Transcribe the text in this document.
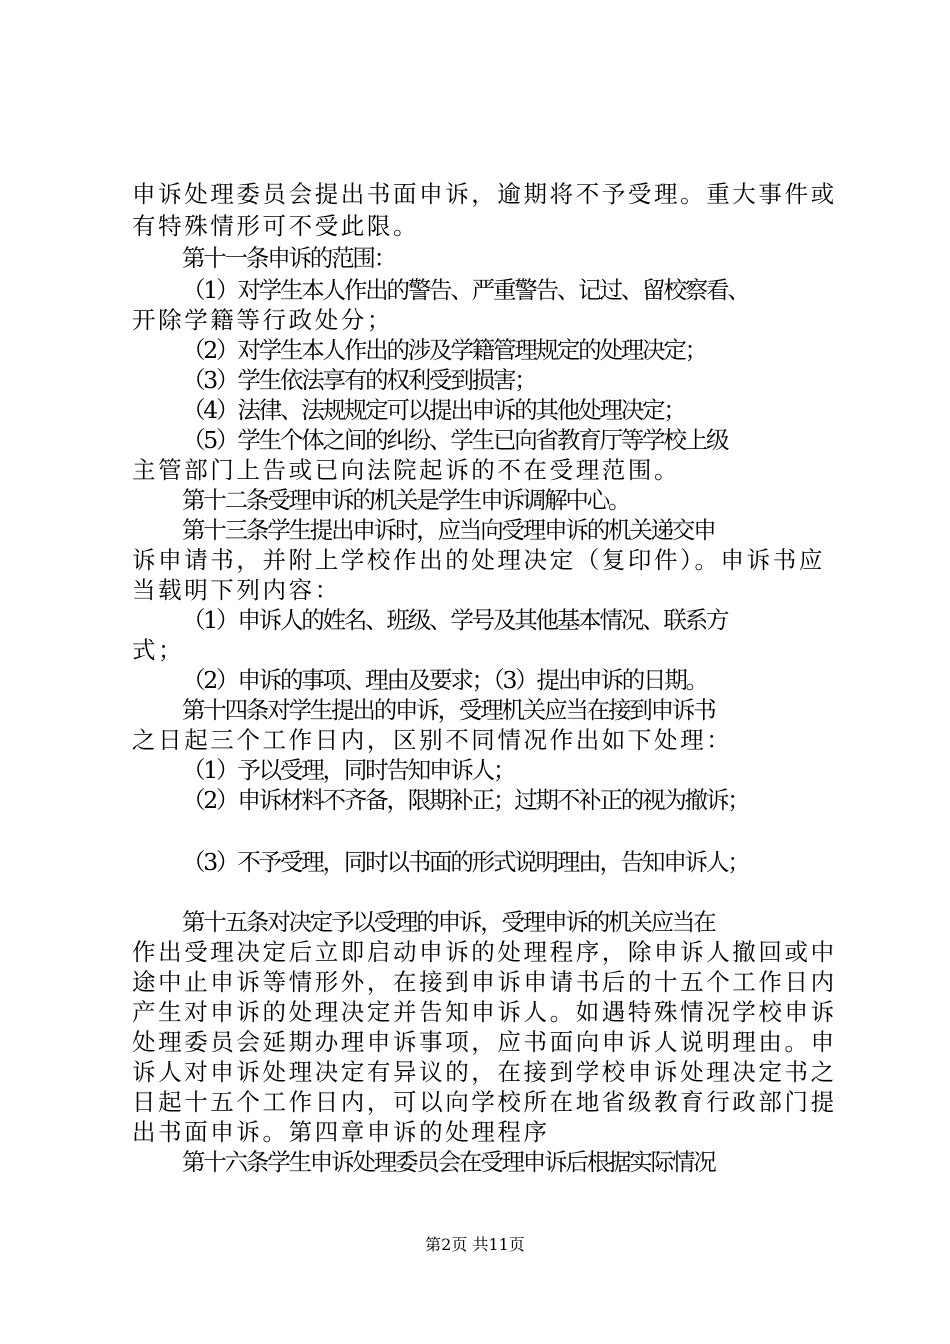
申诉处理委员会提出书面申诉，逾期将不予受理。重大事件或
有特殊情形可不受此限。
第十一条申诉的范围：
（1）对学生本人作出的警告、严重警告、记过、留校察看、
开除学籍等行政处分；
（2）对学生本人作出的涉及学籍管理规定的处理决定；
（3）学生依法享有的权利受到损害；
（4）法律、法规规定可以提出申诉的其他处理决定；
（5）学生个体之间的纠纷、学生已向省教育厅等学校上级
主管部门上告或已向法院起诉的不在受理范围。
第十二条受理申诉的机关是学生申诉调解中心。
第十三条学生提出申诉时，应当向受理申诉的机关递交申
诉申请书，并附上学校作出的处理决定（复印件）。申诉书应
当载明下列内容：
（1）申诉人的姓名、班级、学号及其他基本情况、联系方
式；
（2）申诉的事项、理由及要求；（3）提出申诉的日期。
第十四条对学生提出的申诉，受理机关应当在接到申诉书
之日起三个工作日内，区别不同情况作出如下处理：
（1）予以受理，同时告知申诉人；
（2）申诉材料不齐备，限期补正；过期不补正的视为撤诉；
（3）不予受理，同时以书面的形式说明理由，告知申诉人；
第十五条对决定予以受理的申诉，受理申诉的机关应当在
作出受理决定后立即启动申诉的处理程序，除申诉人撤回或中
途中止申诉等情形外，在接到申诉申请书后的十五个工作日内
产生对申诉的处理决定并告知申诉人。如遇特殊情况学校申诉
处理委员会延期办理申诉事项，应书面向申诉人说明理由。申
诉人对申诉处理决定有异议的，在接到学校申诉处理决定书之
日起十五个工作日内，可以向学校所在地省级教育行政部门提
出书面申诉。第四章申诉的处理程序
第十六条学生申诉处理委员会在受理申诉后根据实际情况
第2页 共11页
